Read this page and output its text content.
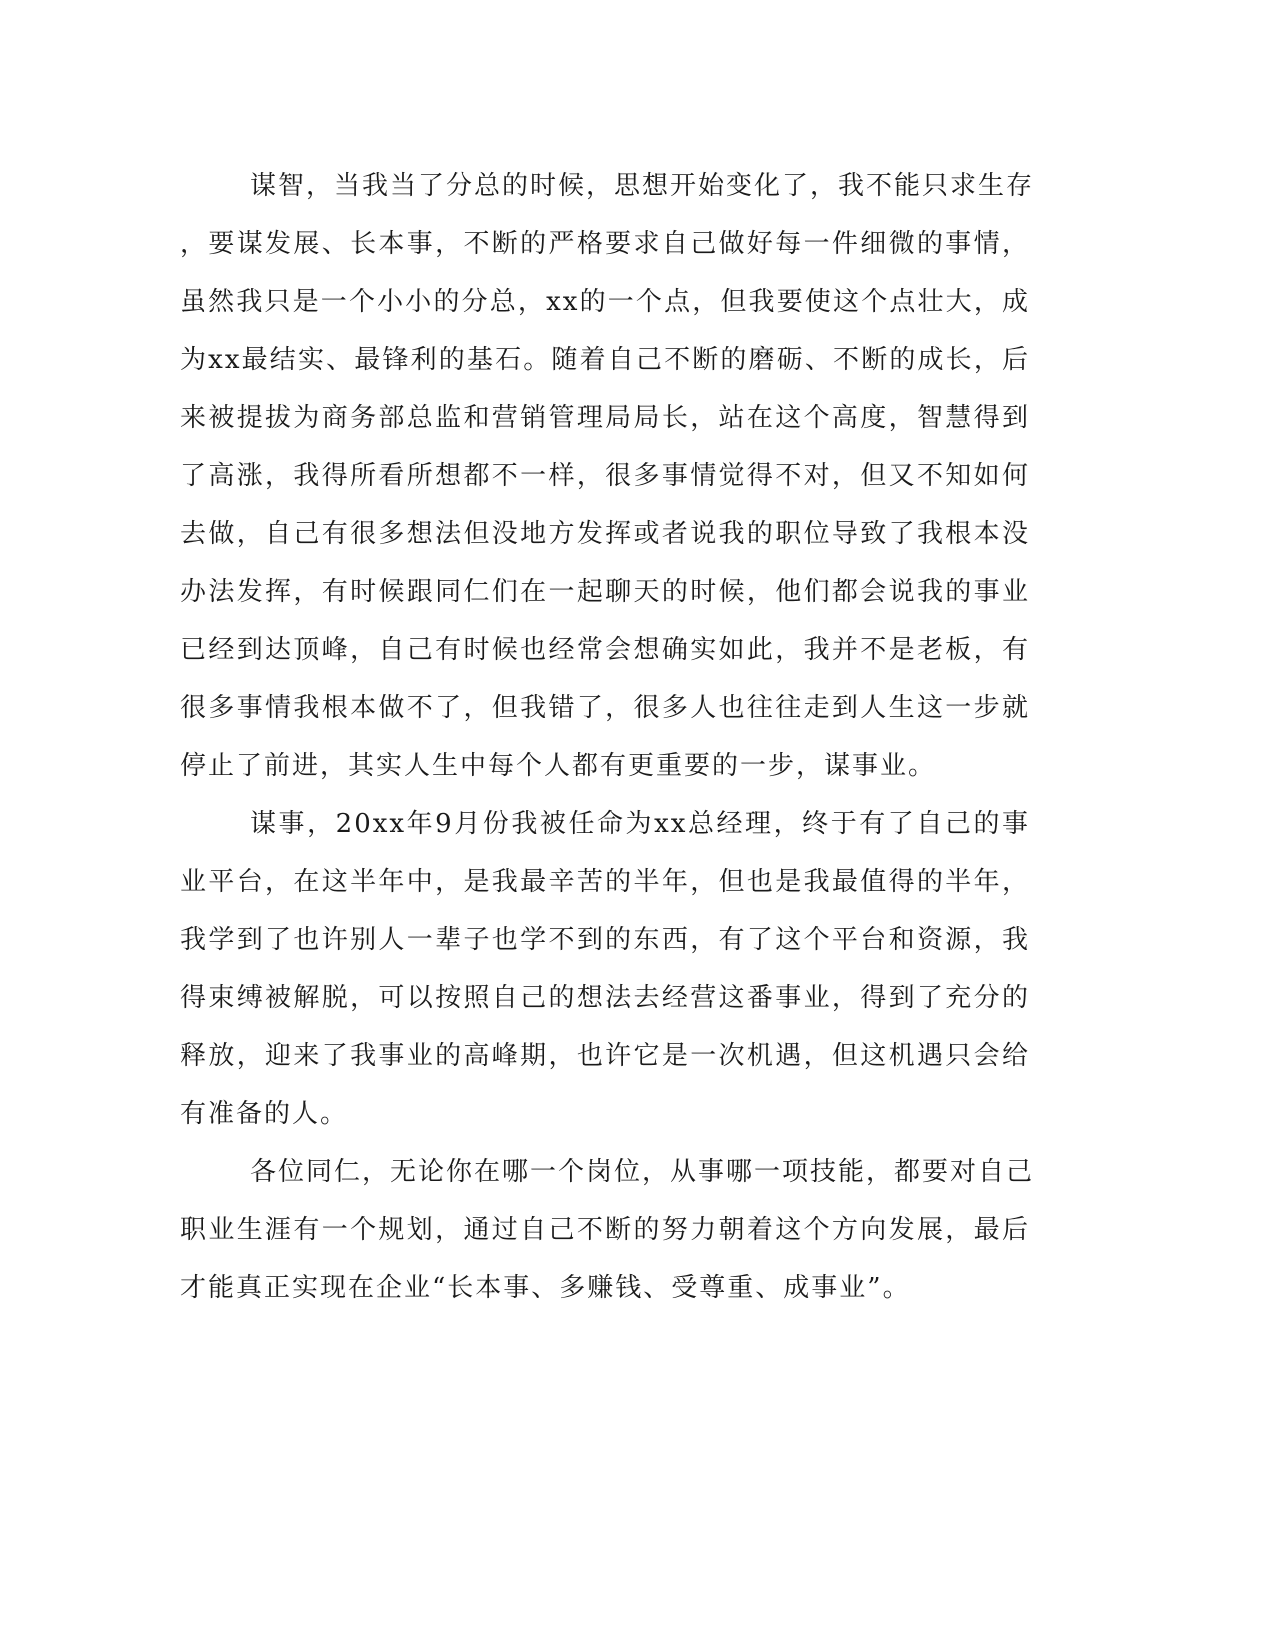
谋智，当我当了分总的时候，思想开始变化了，我不能只求生存
，要谋发展、长本事，不断的严格要求自己做好每一件细微的事情，
虽然我只是一个小小的分总，xx的一个点，但我要使这个点壮大，成
为xx最结实、最锋利的基石。随着自己不断的磨砺、不断的成长，后
来被提拔为商务部总监和营销管理局局长，站在这个高度，智慧得到
了高涨，我得所看所想都不一样，很多事情觉得不对，但又不知如何
去做，自己有很多想法但没地方发挥或者说我的职位导致了我根本没
办法发挥，有时候跟同仁们在一起聊天的时候，他们都会说我的事业
已经到达顶峰，自己有时候也经常会想确实如此，我并不是老板，有
很多事情我根本做不了，但我错了，很多人也往往走到人生这一步就
停止了前进，其实人生中每个人都有更重要的一步，谋事业。
谋事，20xx年9月份我被任命为xx总经理，终于有了自己的事
业平台，在这半年中，是我最辛苦的半年，但也是我最值得的半年，
我学到了也许别人一辈子也学不到的东西，有了这个平台和资源，我
得束缚被解脱，可以按照自己的想法去经营这番事业，得到了充分的
释放，迎来了我事业的高峰期，也许它是一次机遇，但这机遇只会给
有准备的人。
各位同仁，无论你在哪一个岗位，从事哪一项技能，都要对自己
职业生涯有一个规划，通过自己不断的努力朝着这个方向发展，最后
才能真正实现在企业“长本事、多赚钱、受尊重、成事业”。
